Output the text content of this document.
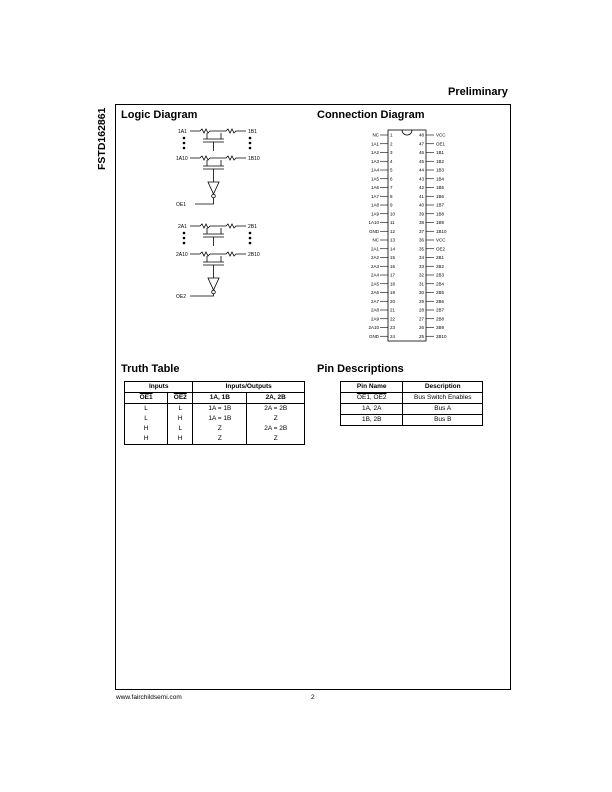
Preliminary
FSTD162861 Logic Diagram
1A1
1A10
1B1
1B10
OE1
2A1
2A10
2B1
2B10
OE2
Connection Diagram
NC 1
1A1 2
1A2 3
1A3 4
1A4 5
1A5 6
1A6 7
1A7 8
1A8 9
1A9 10
1A10 11
GND 12
NC 13
2A1 14
2A2 15
2A3 16
2A4 17
2A5 18
2A6 19
2A7 20
2A8 21
2A9 22
2A10 23
GND 24
48	VCC
47	OE1
46	1B1
45	1B2
44	1B3
43	1B4
42	1B5
41	1B6
40	1B7
39	1B8
38	1B9
37	1B10
36	VCC
35	OE2
34	2B1
33	2B2
32	2B3
31	2B4
30	2B5
29	2B6
28	2B7
27	2B8
26	2B9
25	2B10
Truth Table
Inputs		Inputs/Outputs	
OE1	OE2	1A, 1B	2A, 2B
L	L	1A = 1B	2A = 2B
L	H	1A = 1B	Z
H	L	Z	2A = 2B
H	H	Z	Z
Pin Descriptions
Pin Name	Description
OE1, OE2	Bus Switch Enables
1A, 2A	Bus A
1B, 2B	Bus B
www.fairchildsemi.com	2
